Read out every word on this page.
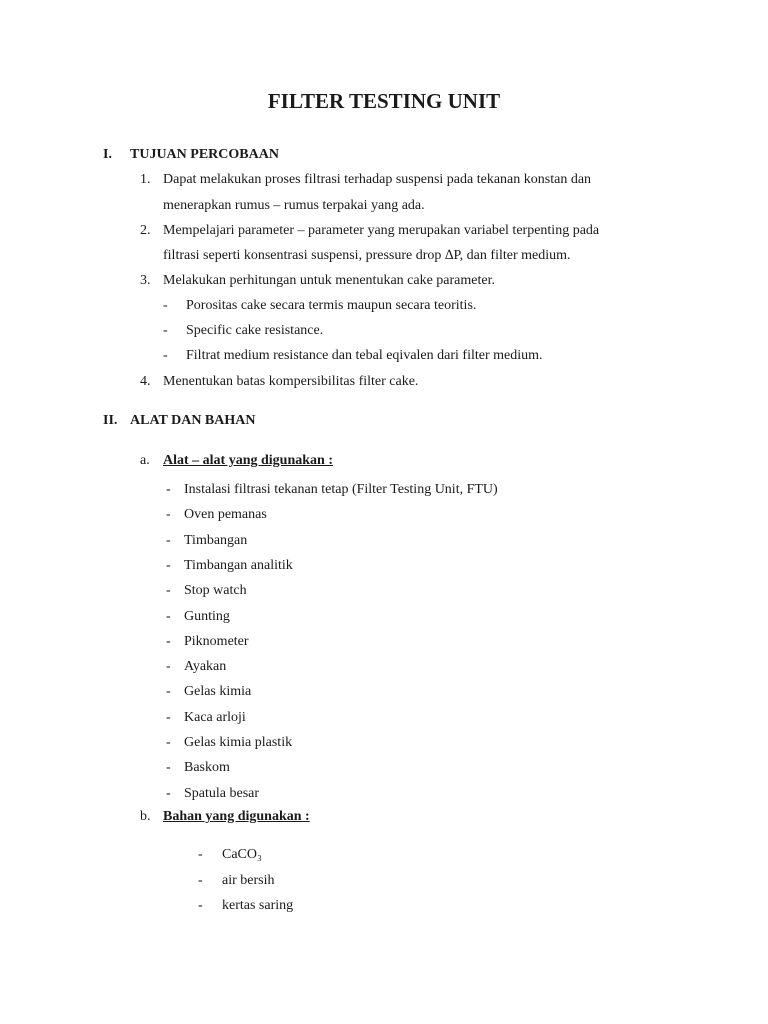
FILTER TESTING UNIT
I. TUJUAN PERCOBAAN
1. Dapat melakukan proses filtrasi terhadap suspensi pada tekanan konstan dan
menerapkan rumus – rumus terpakai yang ada.
2. Mempelajari parameter – parameter yang merupakan variabel terpenting pada
filtrasi seperti konsentrasi suspensi, pressure drop ∆P, dan filter medium.
3. Melakukan perhitungan untuk menentukan cake parameter.
- Porositas cake secara termis maupun secara teoritis.
- Specific cake resistance.
- Filtrat medium resistance dan tebal eqivalen dari filter medium.
4. Menentukan batas kompersibilitas filter cake.
II. ALAT DAN BAHAN
a. Alat – alat yang digunakan :
- Instalasi filtrasi tekanan tetap (Filter Testing Unit, FTU)
- Oven pemanas
- Timbangan
- Timbangan analitik
- Stop watch
- Gunting
- Piknometer
- Ayakan
- Gelas kimia
- Kaca arloji
- Gelas kimia plastik
- Baskom
- Spatula besar
b. Bahan yang digunakan :
- CaCO₃
- air bersih
- kertas saring
